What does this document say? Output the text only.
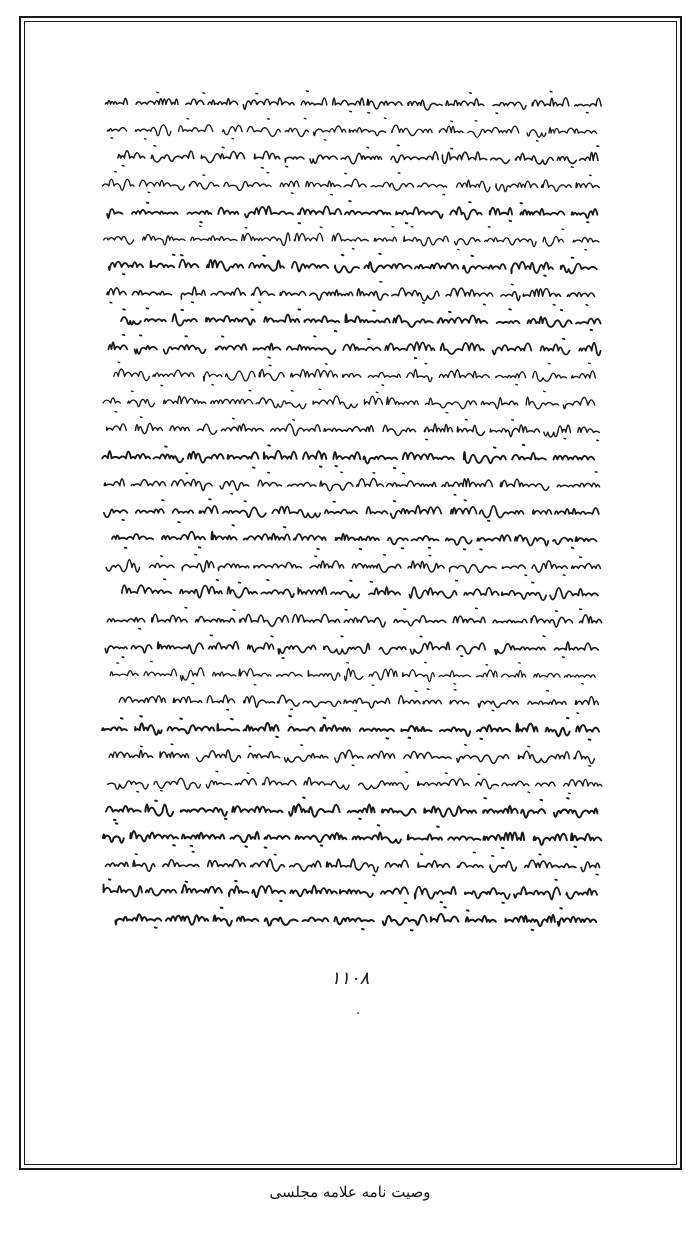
١١٠٨
وصیت نامه علامه مجلسی
